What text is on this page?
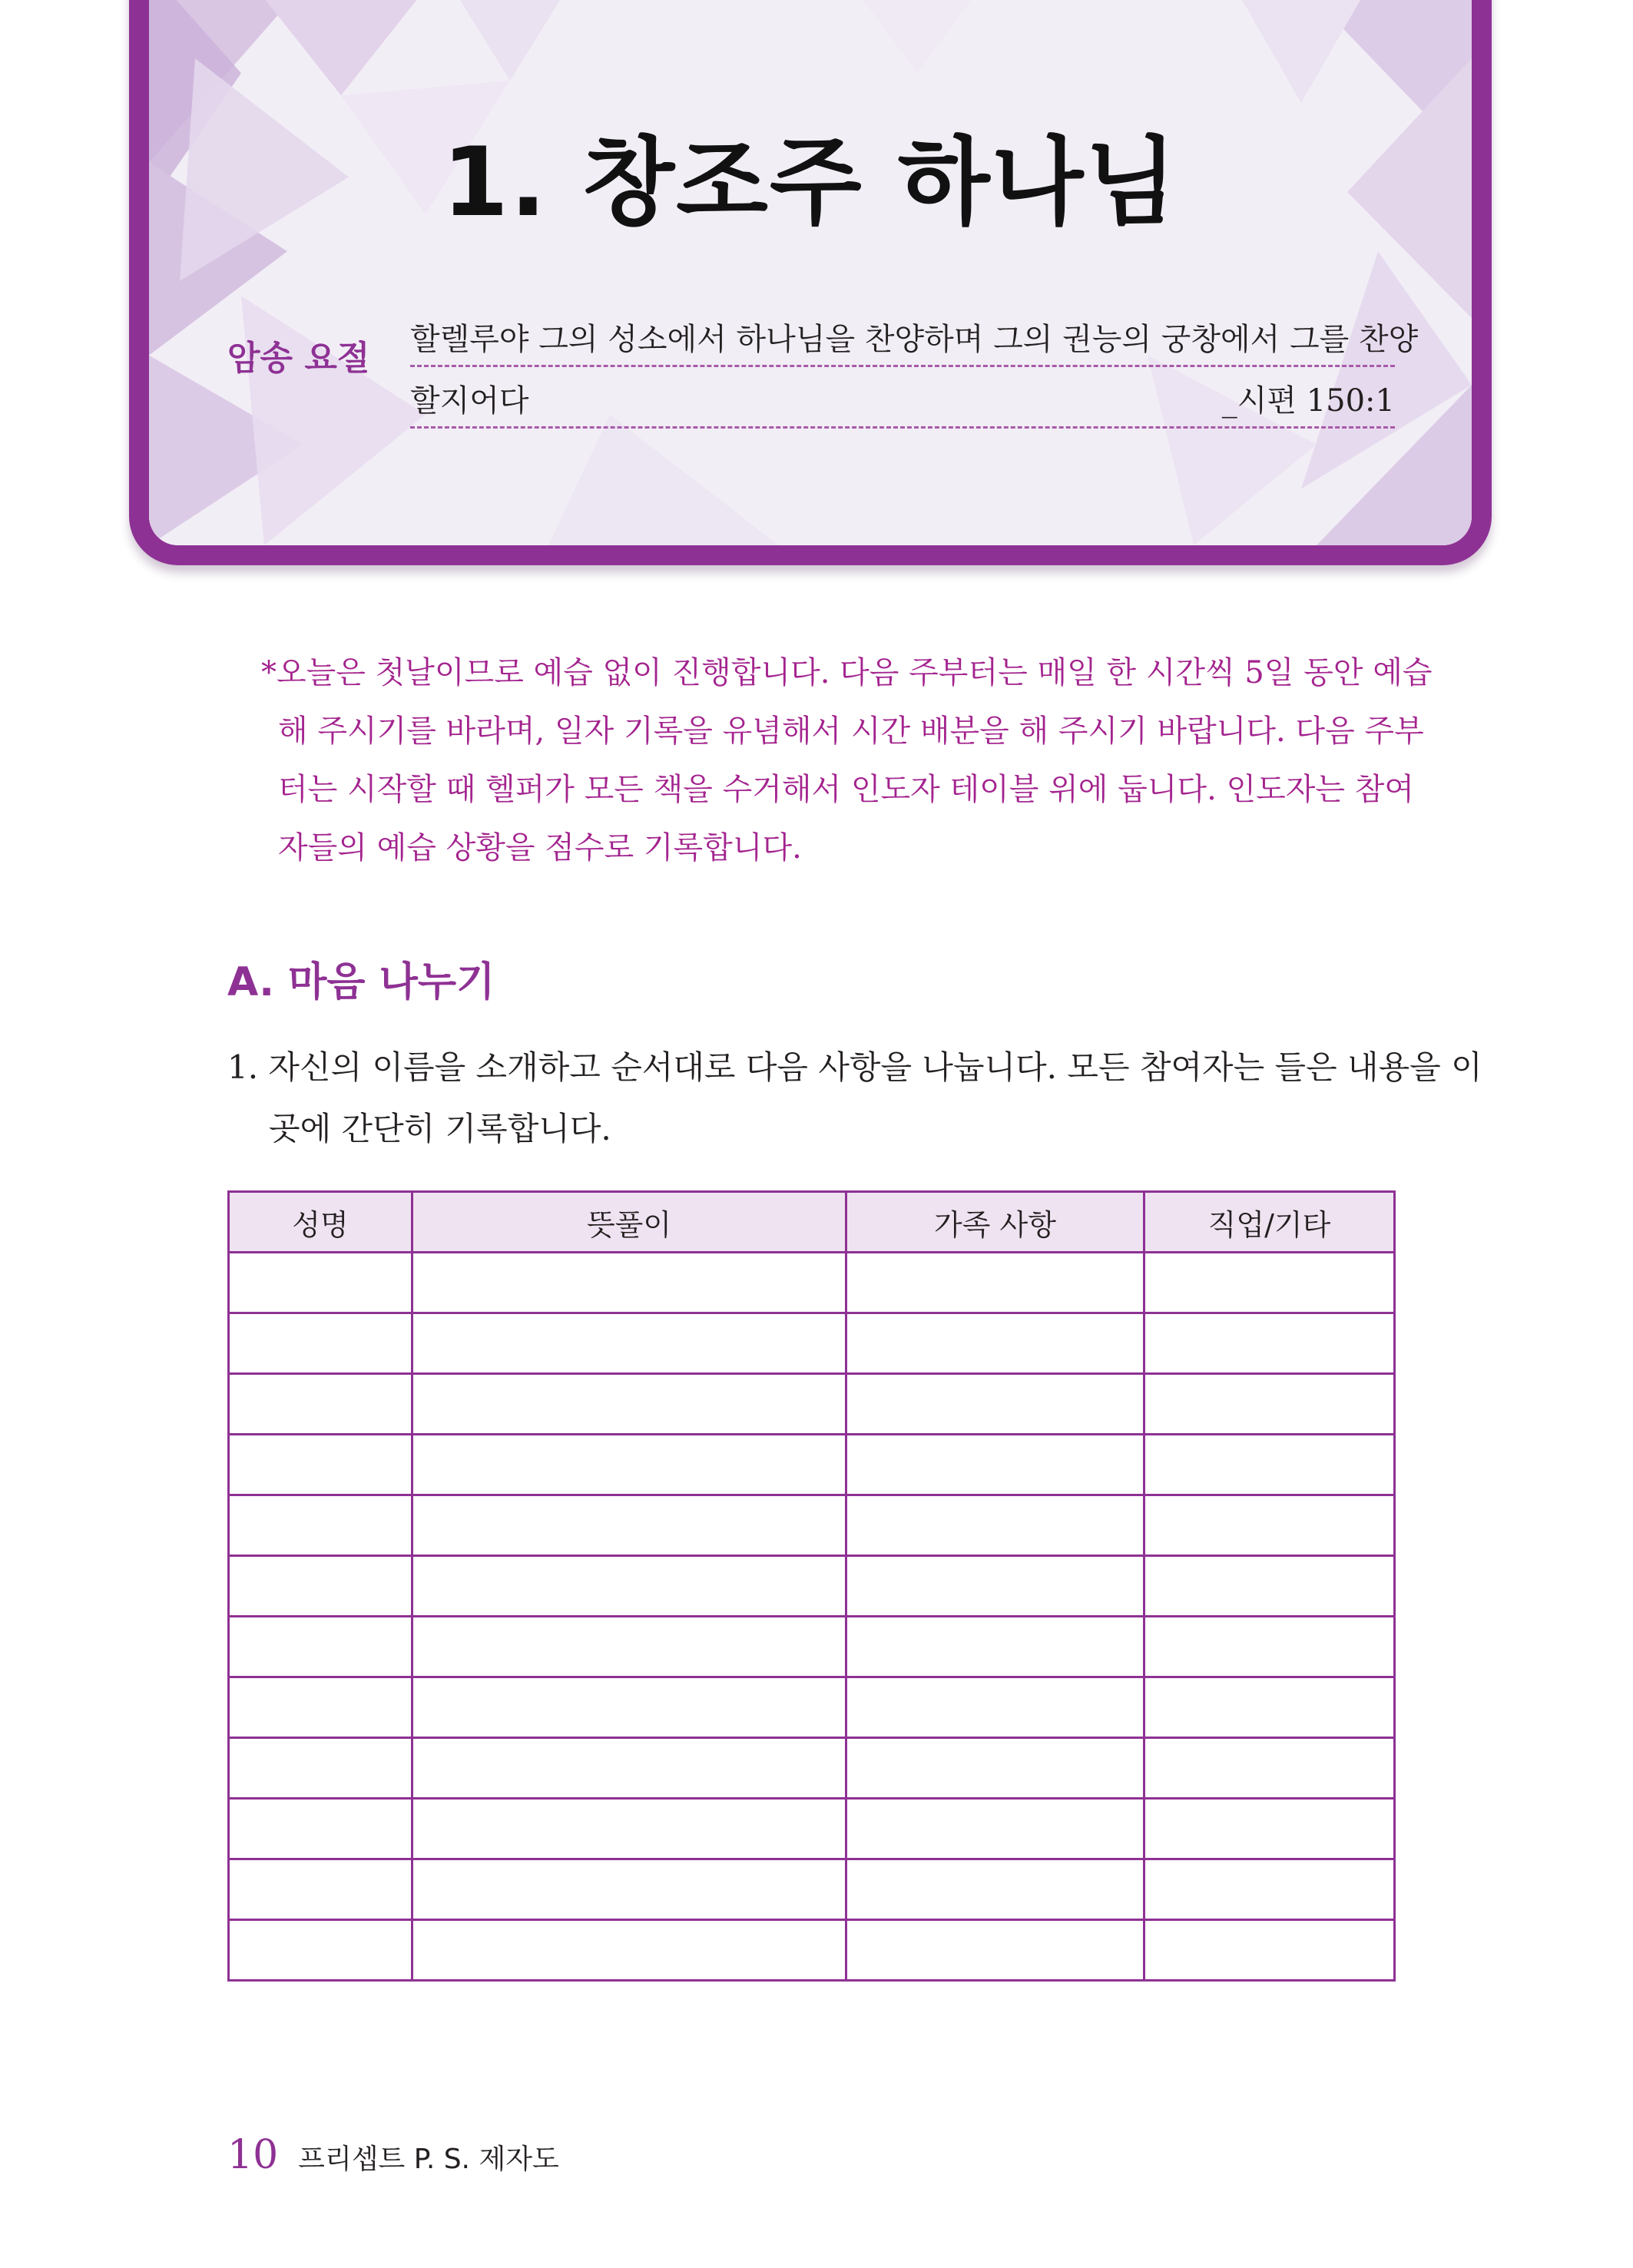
1. 창조주 하나님
암송 요절 할렐루야 그의 성소에서 하나님을 찬양하며 그의 권능의 궁창에서 그를 찬양
할지어다	_시편 150:1
*오늘은 첫날이므로 예습 없이 진행합니다. 다음 주부터는 매일 한 시간씩 5일 동안 예습
해 주시기를 바라며, 일자 기록을 유념해서 시간 배분을 해 주시기 바랍니다. 다음 주부
터는 시작할 때 헬퍼가 모든 책을 수거해서 인도자 테이블 위에 둡니다. 인도자는 참여
자들의 예습 상황을 점수로 기록합니다.
A. 마음 나누기
1. 자신의 이름을 소개하고 순서대로 다음 사항을 나눕니다. 모든 참여자는 들은 내용을 이
곳에 간단히 기록합니다.
성명	뜻풀이	가족 사항	직업/기타

10 프리셉트 P. S. 제자도
